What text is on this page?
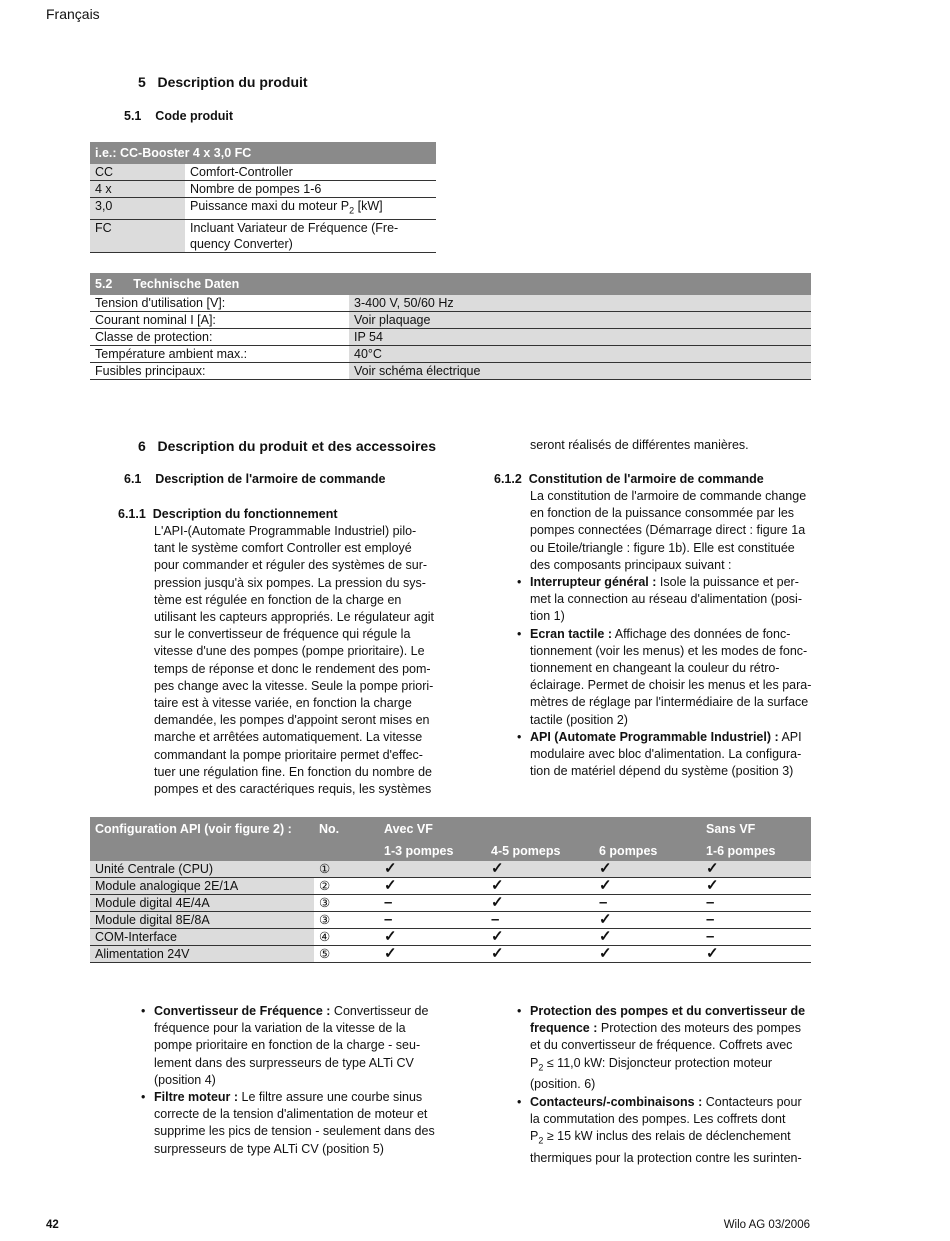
Français
5 Description du produit
5.1 Code produit
i.e.: CC-Booster 4 x 3,0 FC	
CC	Comfort-Controller
4 x	Nombre de pompes 1-6
3,0	Puissance maxi du moteur $P_2$ [kW]
FC	Incluant Variateur de Fréquence (Fre-
quency Converter)
5.2 Technische Daten	
Tension d'utilisation [V]:	3-400 V, 50/60 Hz
Courant nominal I [A]:	Voir plaquage
Classe de protection:	IP 54
Température ambient max.:	40°C
Fusibles principaux:	Voir schéma électrique
6 Description du produit et des accessoires
6.1 Description de l'armoire de commande
6.1.1 Description du fonctionnement

L'API-(Automate Programmable Industriel) pilo-

tant le système comfort Controller est employé

pour commander et réguler des systèmes de sur-

pression jusqu'à six pompes. La pression du sys-

tème est régulée en fonction de la charge en

utilisant les capteurs appropriés. Le régulateur agit

sur le convertisseur de fréquence qui régule la

vitesse d'une des pompes (pompe prioritaire). Le

temps de réponse et donc le rendement des pom-

pes change avec la vitesse. Seule la pompe priori-

taire est à vitesse variée, en fonction la charge

demandée, les pompes d'appoint seront mises en

marche et arrêtées automatiquement. La vitesse

commandant la pompe prioritaire permet d'effec-

tuer une régulation fine. En fonction du nombre de

pompes et des caractériques requis, les systèmes

seront réalisés de différentes manières.
6.1.2 Constitution de l'armoire de commande

La constitution de l'armoire de commande change

en fonction de la puissance consommée par les

pompes connectées (Démarrage direct : figure 1a

ou Etoile/triangle : figure 1b). Elle est constituée

des composants principaux suivant :

• Interrupteur général : Isole la puissance et per-
met la connection au réseau d'alimentation (posi-
tion 1)
• Ecran tactile : Affichage des données de fonc-
tionnement (voir les menus) et les modes de fonc-
tionnement en changeant la couleur du rétro-
éclairage. Permet de choisir les menus et les para-
mètres de réglage par l'intermédiaire de la surface
tactile (position 2)
• API (Automate Programmable Industriel) : API
modulaire avec bloc d'alimentation. La configura-
tion de matériel dépend du système (position 3)
Configuration API (voir figure 2) :	No.	Avec VF			Sans VF
		1-3 pompes	4-5 pomeps	6 pompes	1-6 pompes
Unité Centrale (CPU)	①	✓	✓	✓	✓
Module analogique 2E/1A	②	✓	✓	✓	✓
Module digital 4E/4A	③	–	✓	–	–
Module digital 8E/8A	③	–	–	✓	–
COM-Interface	④	✓	✓	✓	–
Alimentation 24V	⑤	✓	✓	✓	✓
• Convertisseur de Fréquence : Convertisseur de
fréquence pour la variation de la vitesse de la
pompe prioritaire en fonction de la charge - seu-
lement dans des surpresseurs de type ALTi CV
(position 4)
• Filtre moteur : Le filtre assure une courbe sinus
correcte de la tension d'alimentation de moteur et
supprime les pics de tension - seulement dans des
surpresseurs de type ALTi CV (position 5)
• Protection des pompes et du convertisseur de
frequence : Protection des moteurs des pompes
et du convertisseur de fréquence. Coffrets avec
$P_2 \le 11,0$ kW: Disjoncteur protection moteur
(position. 6)
• Contacteurs/-combinaisons : Contacteurs pour
la commutation des pompes. Les coffrets dont
$P_2 \ge 15$ kW inclus des relais de déclenchement
thermiques pour la protection contre les surinten-
42	Wilo AG 03/2006
